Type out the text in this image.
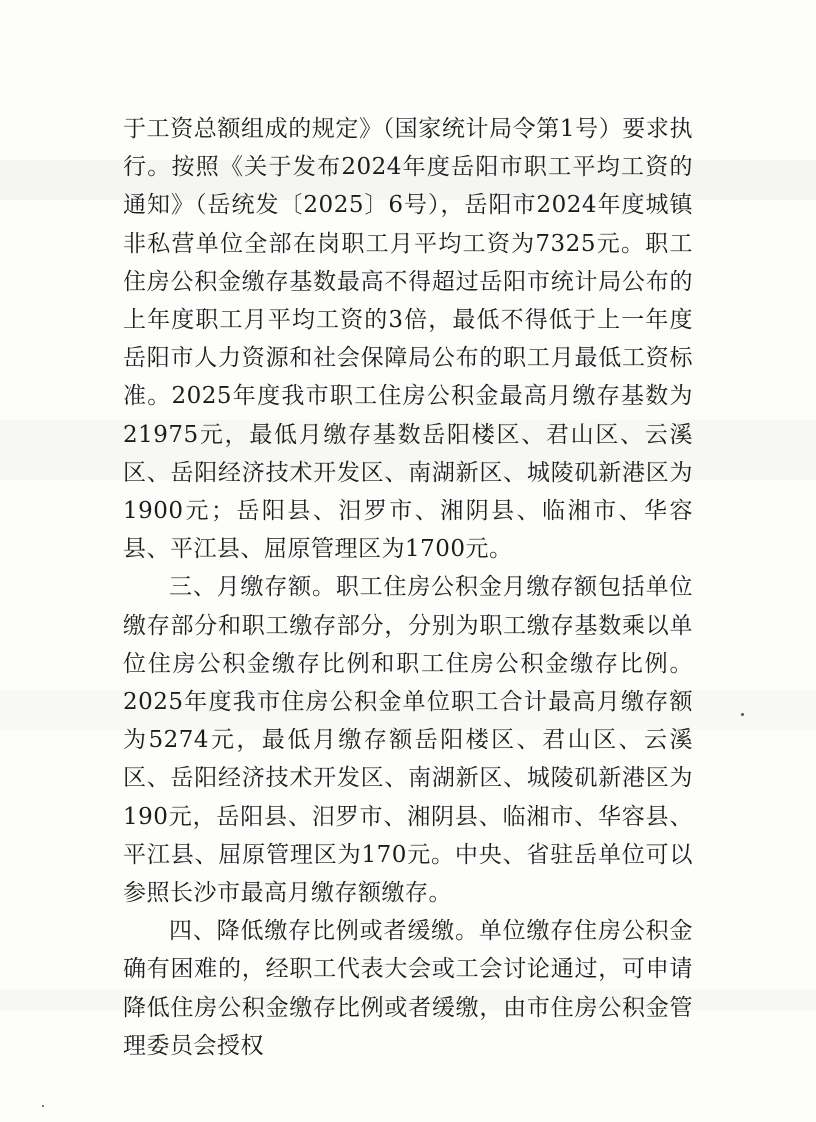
于工资总额组成的规定》（国家统计局令第1号）要求执行。按照《关于发布2024年度岳阳市职工平均工资的通知》（岳统发〔2025〕6号），岳阳市2024年度城镇非私营单位全部在岗职工月平均工资为7325元。职工住房公积金缴存基数最高不得超过岳阳市统计局公布的上年度职工月平均工资的3倍，最低不得低于上一年度岳阳市人力资源和社会保障局公布的职工月最低工资标准。2025年度我市职工住房公积金最高月缴存基数为21975元，最低月缴存基数岳阳楼区、君山区、云溪区、岳阳经济技术开发区、南湖新区、城陵矶新港区为1900元；岳阳县、汨罗市、湘阴县、临湘市、华容县、平江县、屈原管理区为1700元。

三、月缴存额。职工住房公积金月缴存额包括单位缴存部分和职工缴存部分，分别为职工缴存基数乘以单位住房公积金缴存比例和职工住房公积金缴存比例。2025年度我市住房公积金单位职工合计最高月缴存额为5274元，最低月缴存额岳阳楼区、君山区、云溪区、岳阳经济技术开发区、南湖新区、城陵矶新港区为190元，岳阳县、汨罗市、湘阴县、临湘市、华容县、平江县、屈原管理区为170元。中央、省驻岳单位可以参照长沙市最高月缴存额缴存。

四、降低缴存比例或者缓缴。单位缴存住房公积金确有困难的，经职工代表大会或工会讨论通过，可申请降低住房公积金缴存比例或者缓缴，由市住房公积金管理委员会授权
